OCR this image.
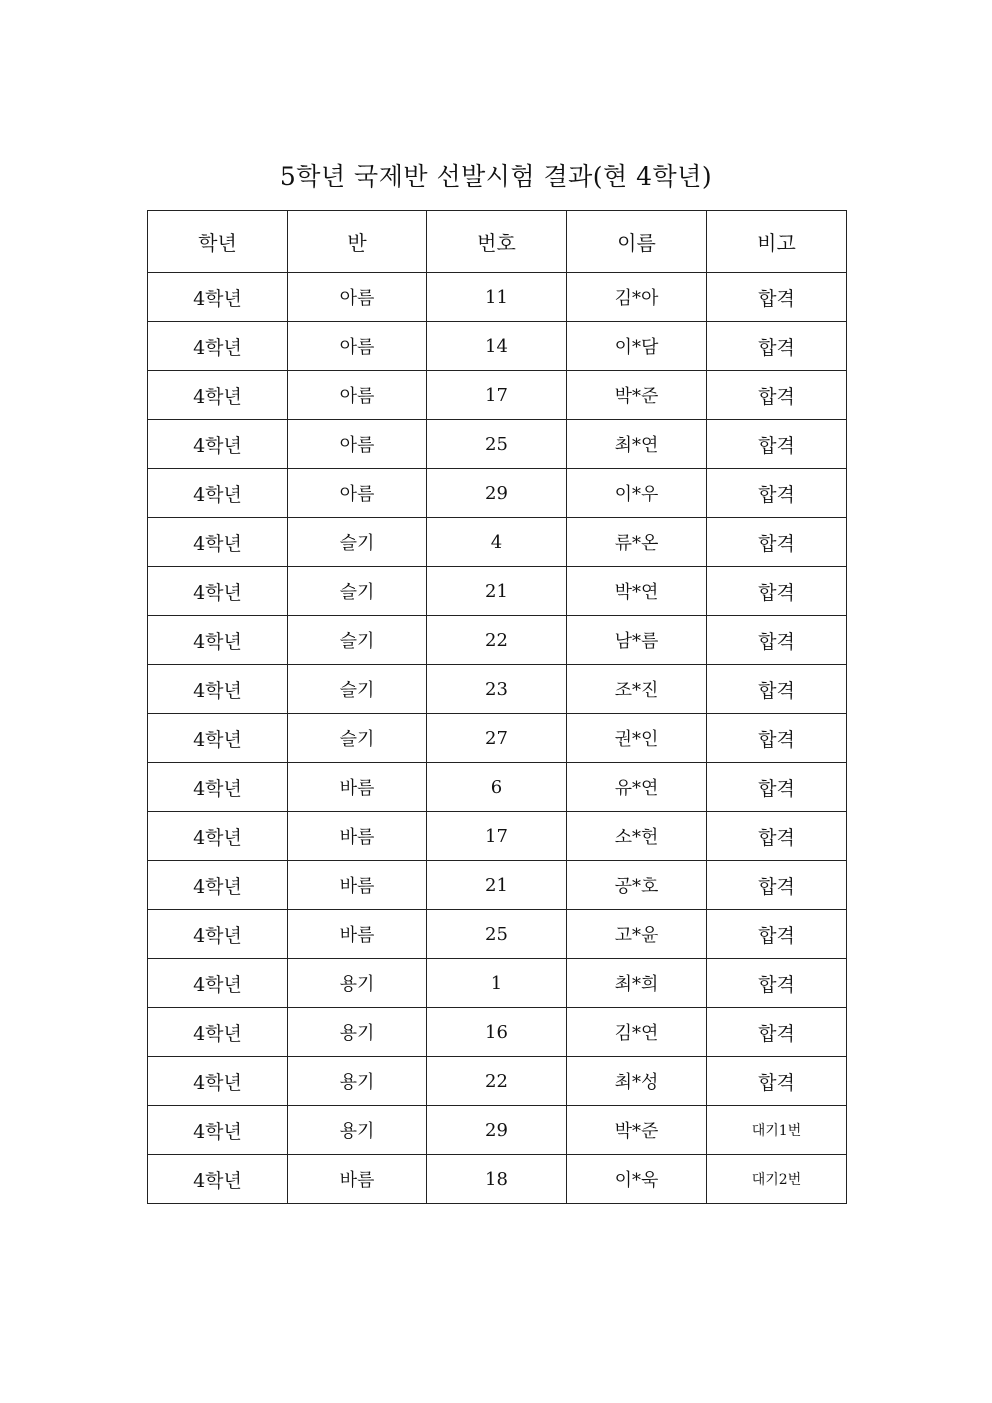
5학년 국제반 선발시험 결과(현 4학년)
학년	반	번호	이름	비고
4학년	아름	11	김*아	합격
4학년	아름	14	이*담	합격
4학년	아름	17	박*준	합격
4학년	아름	25	최*연	합격
4학년	아름	29	이*우	합격
4학년	슬기	4	류*온	합격
4학년	슬기	21	박*연	합격
4학년	슬기	22	남*름	합격
4학년	슬기	23	조*진	합격
4학년	슬기	27	권*인	합격
4학년	바름	6	유*연	합격
4학년	바름	17	소*헌	합격
4학년	바름	21	공*호	합격
4학년	바름	25	고*윤	합격
4학년	용기	1	최*희	합격
4학년	용기	16	김*연	합격
4학년	용기	22	최*성	합격
4학년	용기	29	박*준	대기1번
4학년	바름	18	이*욱	대기2번
